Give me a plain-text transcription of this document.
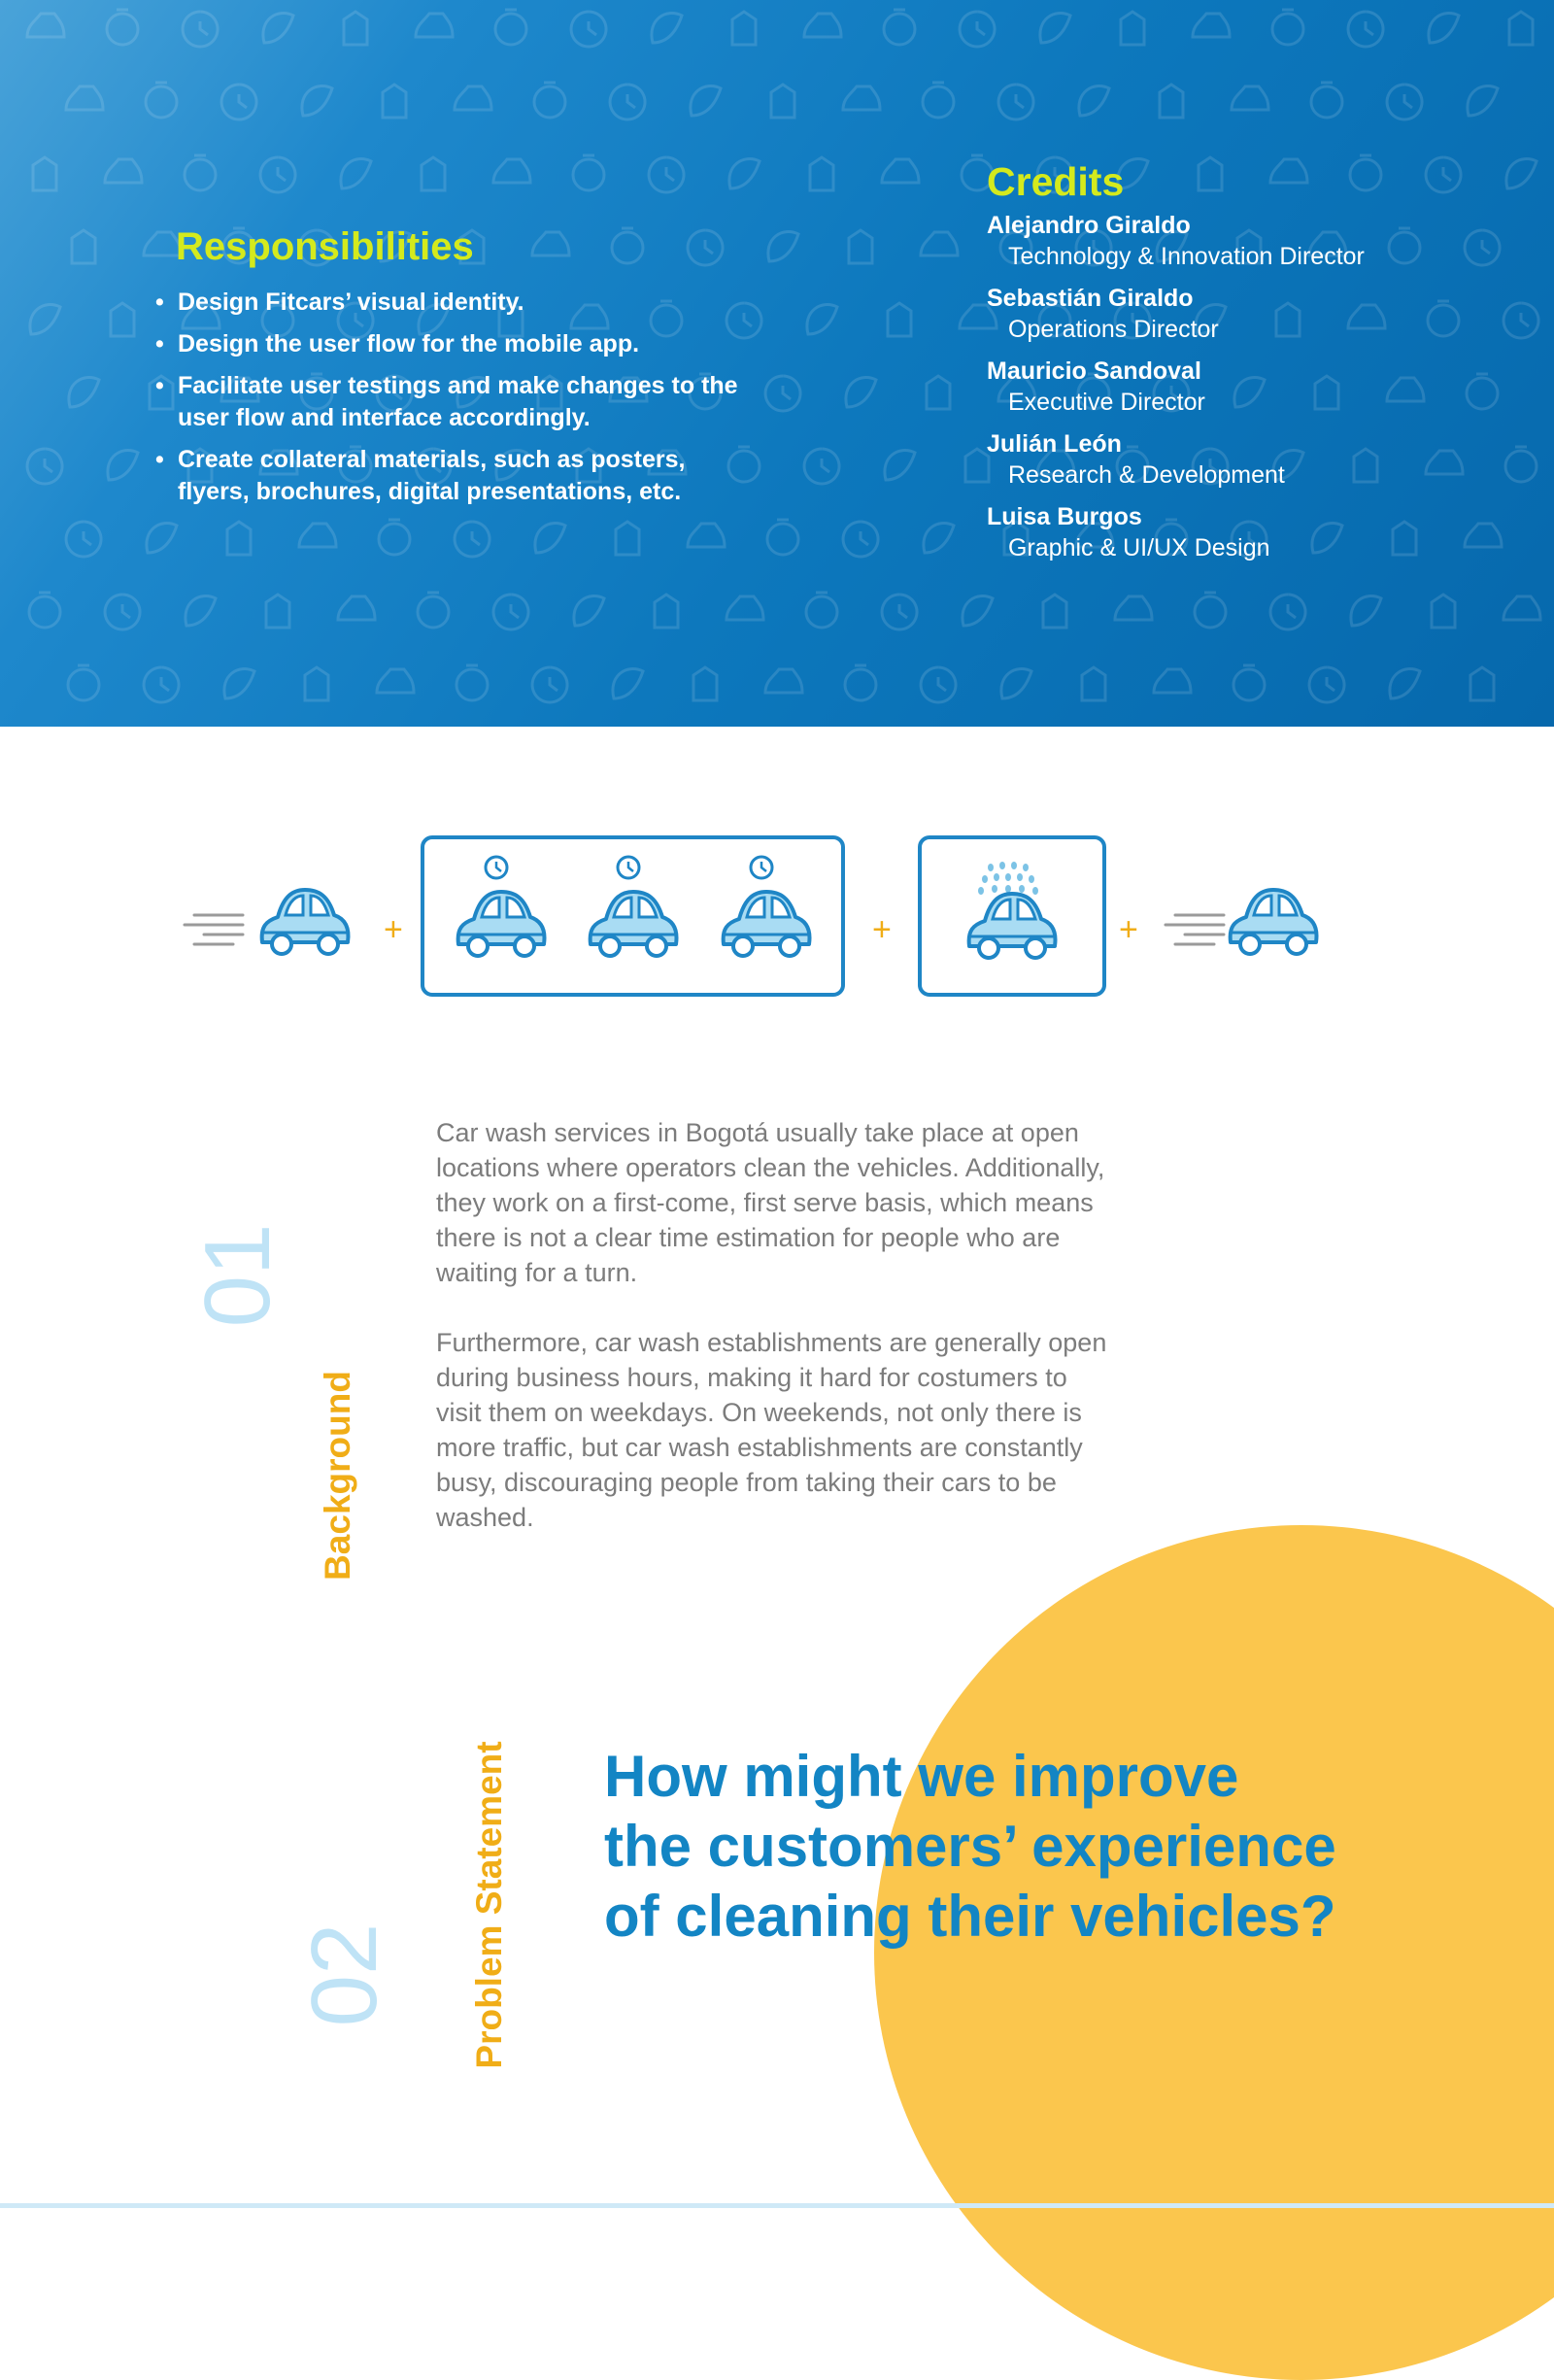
Responsibilities
• Design Fitcars’ visual identity.
• Design the user flow for the mobile app.
• Facilitate user testings and make changes to the user flow and interface accordingly.
• Create collateral materials, such as posters, flyers, brochures, digital presentations, etc.
Credits
Alejandro Giraldo
Technology & Innovation Director
Sebastián Giraldo
Operations Director
Mauricio Sandoval
Executive Director
Julián León
Research & Development
Luisa Burgos
Graphic & UI/UX Design
+	+	+
01
Background

Car wash services in Bogotá usually take place at open locations where operators clean the vehicles. Additionally, they work on a first-come, first serve basis, which means there is not a clear time estimation for people who are waiting for a turn.

Furthermore, car wash establishments are generally open during business hours, making it hard for costumers to visit them on weekdays. On weekends, not only there is more traffic, but car wash establishments are constantly busy, discouraging people from taking their cars to be washed.

02 Problem Statement How might we improve
the customers’ experience
of cleaning their vehicles?
